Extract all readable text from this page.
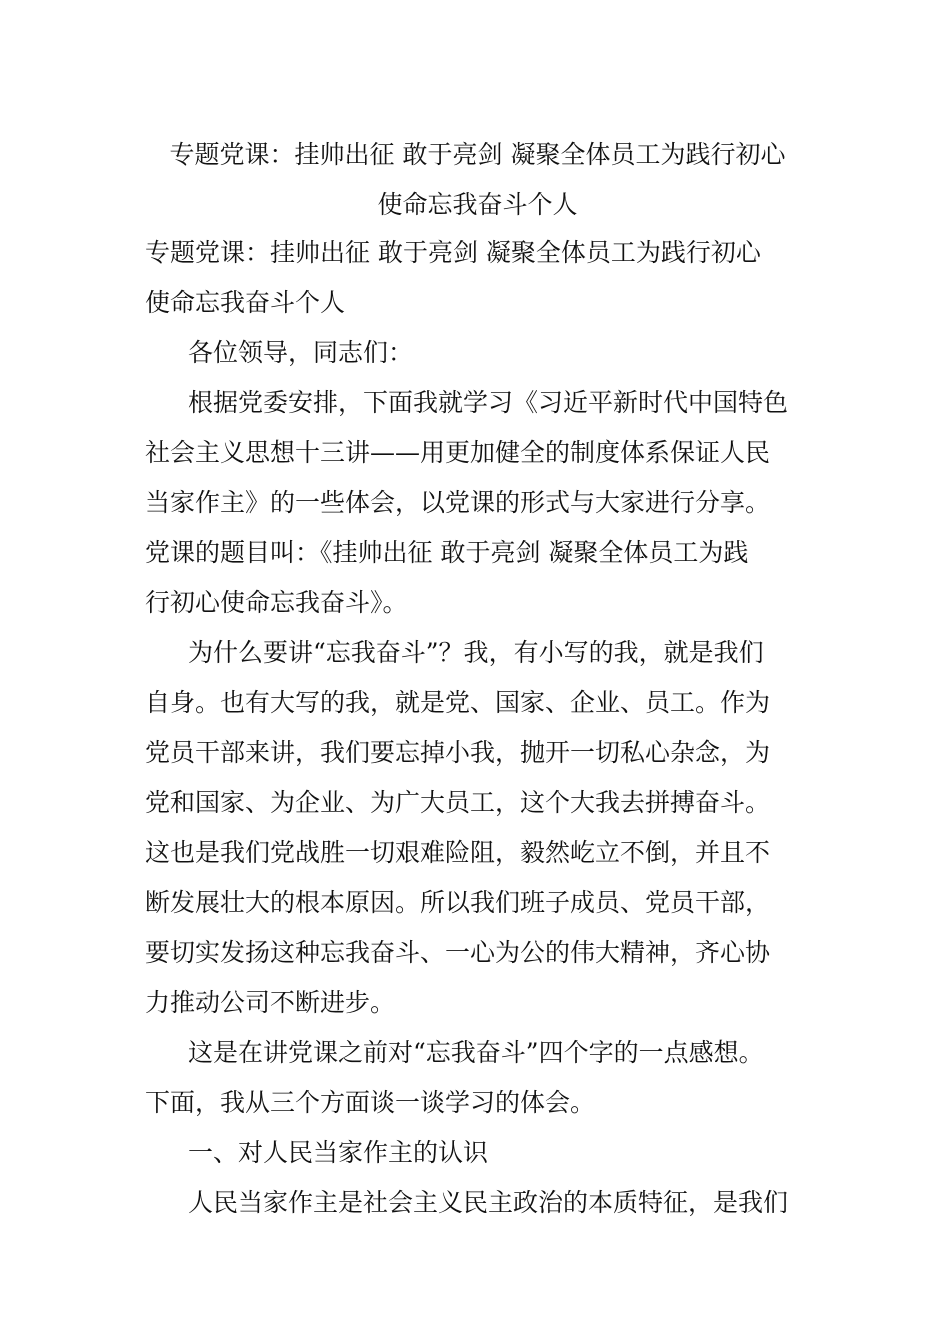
专题党课：挂帅出征 敢于亮剑 凝聚全体员工为践行初心
使命忘我奋斗个人
专题党课：挂帅出征 敢于亮剑 凝聚全体员工为践行初心
使命忘我奋斗个人
各位领导，同志们：
根据党委安排，下面我就学习《习近平新时代中国特色
社会主义思想十三讲——用更加健全的制度体系保证人民
当家作主》的一些体会，以党课的形式与大家进行分享。
党课的题目叫：《挂帅出征 敢于亮剑 凝聚全体员工为践
行初心使命忘我奋斗》。
为什么要讲“忘我奋斗”？我，有小写的我，就是我们
自身。也有大写的我，就是党、国家、企业、员工。作为
党员干部来讲，我们要忘掉小我，抛开一切私心杂念，为
党和国家、为企业、为广大员工，这个大我去拼搏奋斗。
这也是我们党战胜一切艰难险阻，毅然屹立不倒，并且不
断发展壮大的根本原因。所以我们班子成员、党员干部，
要切实发扬这种忘我奋斗、一心为公的伟大精神，齐心协
力推动公司不断进步。
这是在讲党课之前对“忘我奋斗”四个字的一点感想。
下面，我从三个方面谈一谈学习的体会。
一、对人民当家作主的认识
人民当家作主是社会主义民主政治的本质特征，是我们
